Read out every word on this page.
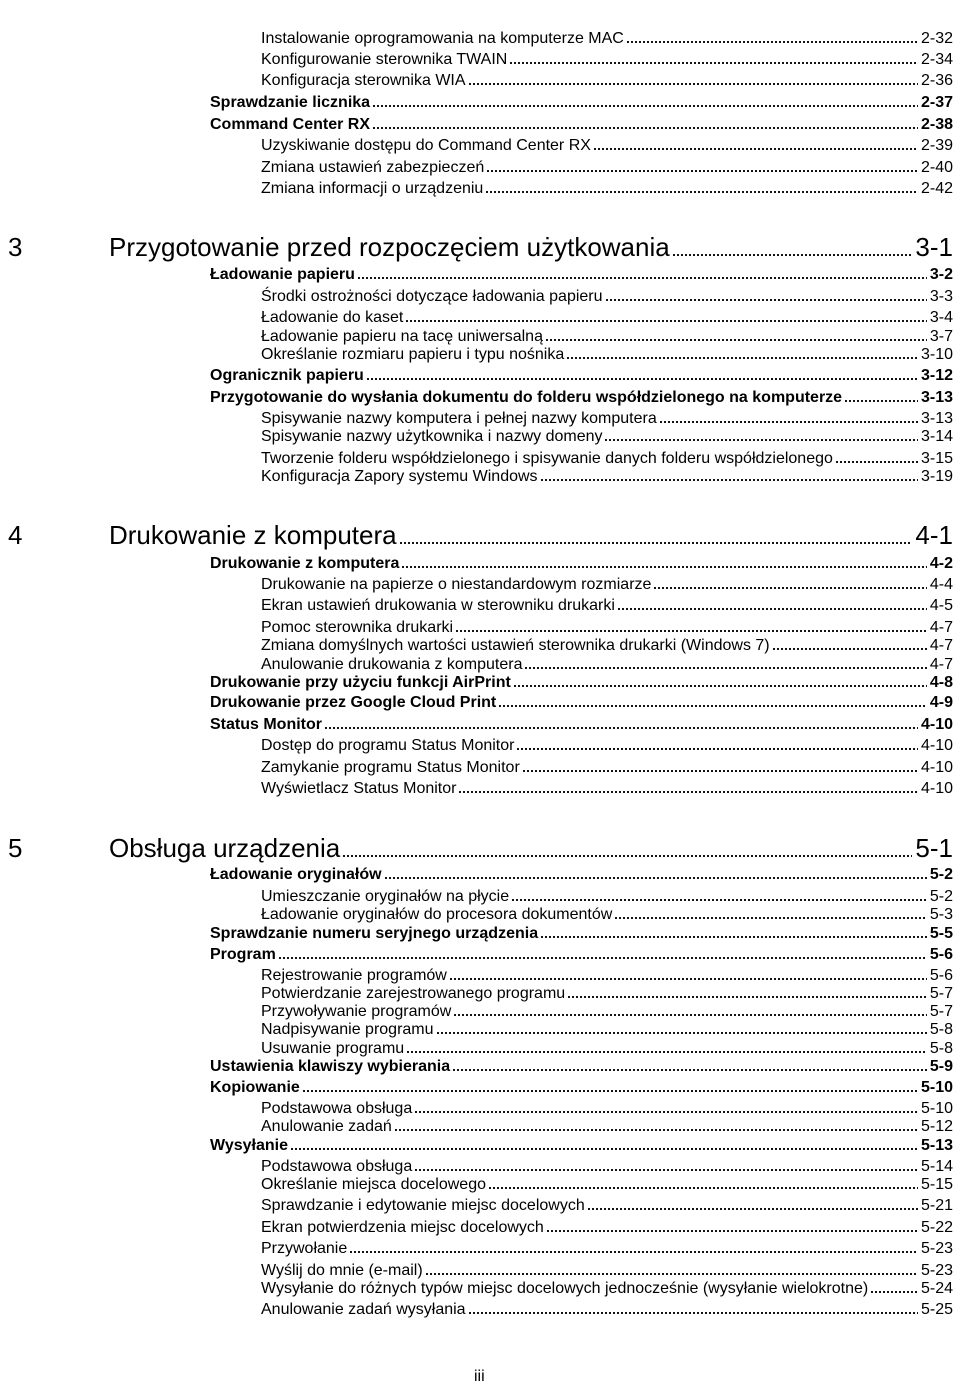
Instalowanie oprogramowania na komputerze MAC	2-32
Konfigurowanie sterownika TWAIN	2-34
Konfiguracja sterownika WIA	2-36
Sprawdzanie licznika	2-37
Command Center RX	2-38
Uzyskiwanie dostępu do Command Center RX	2-39
Zmiana ustawień zabezpieczeń	2-40
Zmiana informacji o urządzeniu	2-42
3	Przygotowanie przed rozpoczęciem użytkowania	3-1
Ładowanie papieru	3-2
Środki ostrożności dotyczące ładowania papieru	3-3
Ładowanie do kaset	3-4
Ładowanie papieru na tacę uniwersalną	3-7
Określanie rozmiaru papieru i typu nośnika	3-10
Ogranicznik papieru	3-12
Przygotowanie do wysłania dokumentu do folderu współdzielonego na komputerze	3-13
Spisywanie nazwy komputera i pełnej nazwy komputera	3-13
Spisywanie nazwy użytkownika i nazwy domeny	3-14
Tworzenie folderu współdzielonego i spisywanie danych folderu współdzielonego	3-15
Konfiguracja Zapory systemu Windows	3-19
4	Drukowanie z komputera	4-1
Drukowanie z komputera	4-2
Drukowanie na papierze o niestandardowym rozmiarze	4-4
Ekran ustawień drukowania w sterowniku drukarki	4-5
Pomoc sterownika drukarki	4-7
Zmiana domyślnych wartości ustawień sterownika drukarki (Windows 7)	4-7
Anulowanie drukowania z komputera	4-7
Drukowanie przy użyciu funkcji AirPrint	4-8
Drukowanie przez Google Cloud Print	4-9
Status Monitor	4-10
Dostęp do programu Status Monitor	4-10
Zamykanie programu Status Monitor	4-10
Wyświetlacz Status Monitor	4-10
5	Obsługa urządzenia	5-1
Ładowanie oryginałów	5-2
Umieszczanie oryginałów na płycie	5-2
Ładowanie oryginałów do procesora dokumentów	5-3
Sprawdzanie numeru seryjnego urządzenia	5-5
Program	5-6
Rejestrowanie programów	5-6
Potwierdzanie zarejestrowanego programu	5-7
Przywoływanie programów	5-7
Nadpisywanie programu	5-8
Usuwanie programu	5-8
Ustawienia klawiszy wybierania	5-9
Kopiowanie	5-10
Podstawowa obsługa	5-10
Anulowanie zadań	5-12
Wysyłanie	5-13
Podstawowa obsługa	5-14
Określanie miejsca docelowego	5-15
Sprawdzanie i edytowanie miejsc docelowych	5-21
Ekran potwierdzenia miejsc docelowych	5-22
Przywołanie	5-23
Wyślij do mnie (e-mail)	5-23
Wysyłanie do różnych typów miejsc docelowych jednocześnie (wysyłanie wielokrotne)	5-24
Anulowanie zadań wysyłania	5-25
iii
